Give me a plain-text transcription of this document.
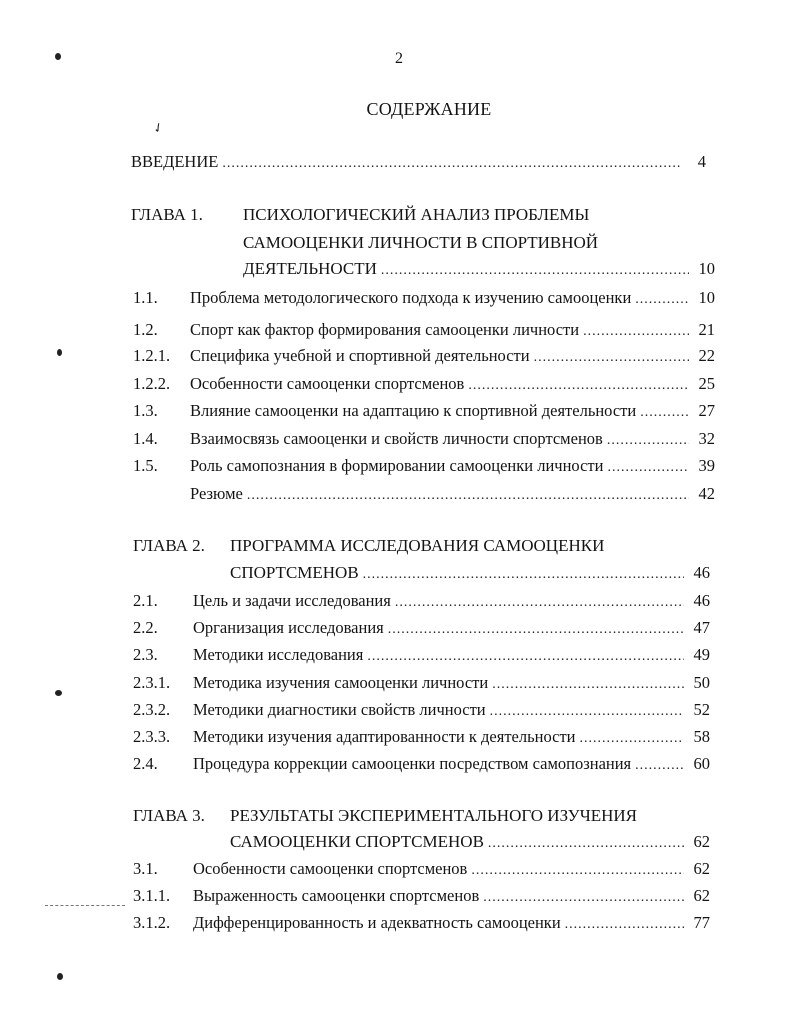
✓
2
СОДЕРЖАНИЕ
ВВЕДЕНИЕ .....	4
ГЛАВА 1. ПСИХОЛОГИЧЕСКИЙ АНАЛИЗ ПРОБЛЕМЫ
САМООЦЕНКИ ЛИЧНОСТИ В СПОРТИВНОЙ
ДЕЯТЕЛЬНОСТИ .....	10
1.1.	Проблема методологического подхода к изучению самооценки .....	10
1.2.	Спорт как фактор формирования самооценки личности .....	21
1.2.1.	Специфика учебной и спортивной деятельности .....	22
1.2.2.	Особенности самооценки спортсменов .....	25
1.3.	Влияние самооценки на адаптацию к спортивной деятельности .....	27
1.4.	Взаимосвязь самооценки и свойств личности спортсменов .....	32
1.5.	Роль самопознания в формировании самооценки личности .....	39
Резюме .....	42
ГЛАВА 2. ПРОГРАММА ИССЛЕДОВАНИЯ САМООЦЕНКИ
СПОРТСМЕНОВ .....	46
2.1.	Цель и задачи исследования .....	46
2.2.	Организация исследования .....	47
2.3.	Методики исследования .....	49
2.3.1.	Методика изучения самооценки личности .....	50
2.3.2.	Методики диагностики свойств личности .....	52
2.3.3.	Методики изучения адаптированности к деятельности .....	58
2.4.	Процедура коррекции самооценки посредством самопознания .....	60
ГЛАВА 3. РЕЗУЛЬТАТЫ ЭКСПЕРИМЕНТАЛЬНОГО ИЗУЧЕНИЯ
САМООЦЕНКИ СПОРТСМЕНОВ .....	62
3.1.	Особенности самооценки спортсменов .....	62
3.1.1.	Выраженность самооценки спортсменов .....	62
3.1.2.	Дифференцированность и адекватность самооценки .....	77
